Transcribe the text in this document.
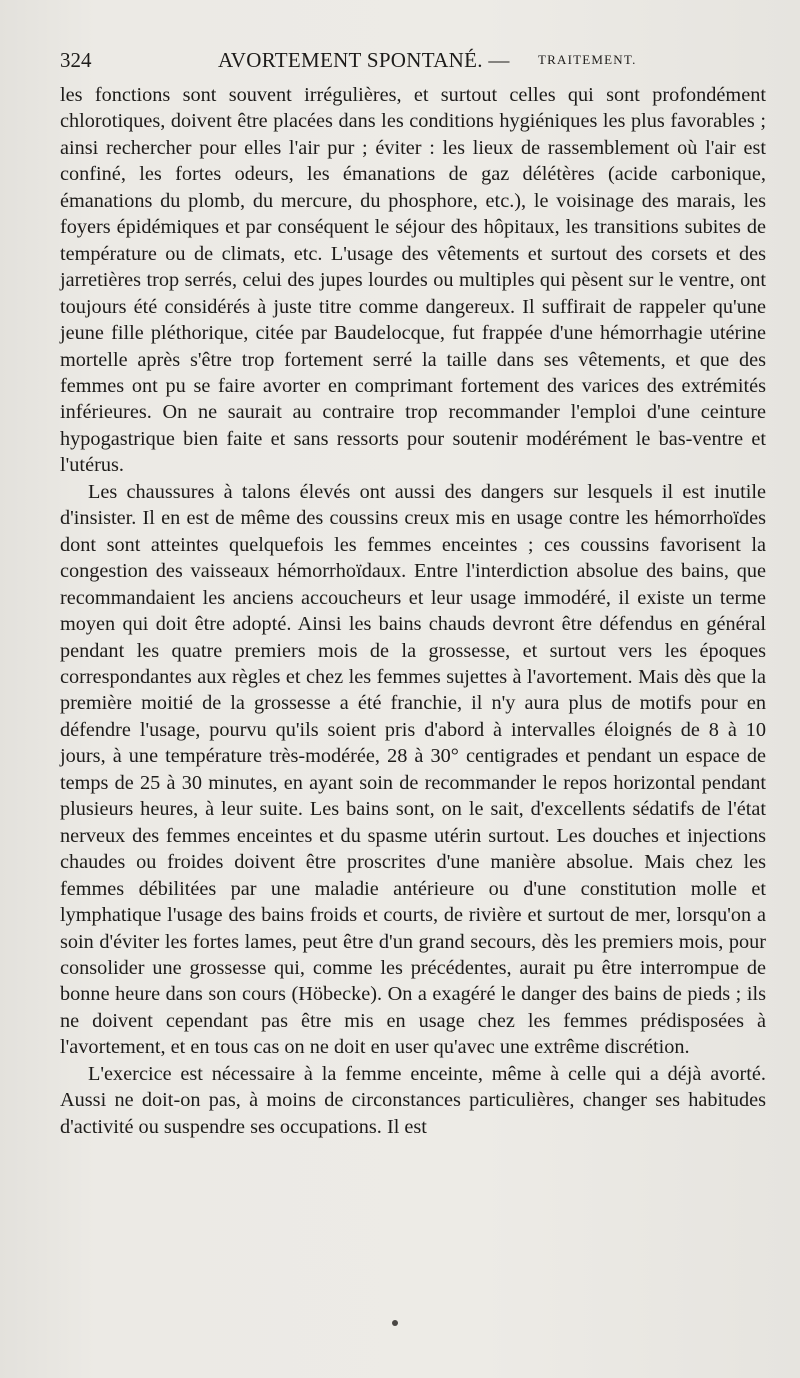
324	AVORTEMENT SPONTANÉ. — TRAITEMENT.

les fonctions sont souvent irrégulières, et surtout celles qui sont profondément chlorotiques, doivent être placées dans les conditions hygiéniques les plus favorables ; ainsi rechercher pour elles l'air pur ; éviter : les lieux de rassemblement où l'air est confiné, les fortes odeurs, les émanations de gaz délétères (acide carbonique, émanations du plomb, du mercure, du phosphore, etc.), le voisinage des marais, les foyers épidémiques et par conséquent le séjour des hôpitaux, les transitions subites de température ou de climats, etc. L'usage des vêtements et surtout des corsets et des jarretières trop serrés, celui des jupes lourdes ou multiples qui pèsent sur le ventre, ont toujours été considérés à juste titre comme dangereux. Il suffirait de rappeler qu'une jeune fille pléthorique, citée par Baudelocque, fut frappée d'une hémorrhagie utérine mortelle après s'être trop fortement serré la taille dans ses vêtements, et que des femmes ont pu se faire avorter en comprimant fortement des varices des extrémités inférieures. On ne saurait au contraire trop recommander l'emploi d'une ceinture hypogastrique bien faite et sans ressorts pour soutenir modérément le bas-ventre et l'utérus.

Les chaussures à talons élevés ont aussi des dangers sur lesquels il est inutile d'insister. Il en est de même des coussins creux mis en usage contre les hémorrhoïdes dont sont atteintes quelquefois les femmes enceintes ; ces coussins favorisent la congestion des vaisseaux hémorrhoïdaux. Entre l'interdiction absolue des bains, que recommandaient les anciens accoucheurs et leur usage immodéré, il existe un terme moyen qui doit être adopté. Ainsi les bains chauds devront être défendus en général pendant les quatre premiers mois de la grossesse, et surtout vers les époques correspondantes aux règles et chez les femmes sujettes à l'avortement. Mais dès que la première moitié de la grossesse a été franchie, il n'y aura plus de motifs pour en défendre l'usage, pourvu qu'ils soient pris d'abord à intervalles éloignés de 8 à 10 jours, à une température très-modérée, 28 à 30° centigrades et pendant un espace de temps de 25 à 30 minutes, en ayant soin de recommander le repos horizontal pendant plusieurs heures, à leur suite. Les bains sont, on le sait, d'excellents sédatifs de l'état nerveux des femmes enceintes et du spasme utérin surtout. Les douches et injections chaudes ou froides doivent être proscrites d'une manière absolue. Mais chez les femmes débilitées par une maladie antérieure ou d'une constitution molle et lymphatique l'usage des bains froids et courts, de rivière et surtout de mer, lorsqu'on a soin d'éviter les fortes lames, peut être d'un grand secours, dès les premiers mois, pour consolider une grossesse qui, comme les précédentes, aurait pu être interrompue de bonne heure dans son cours (Höbecke). On a exagéré le danger des bains de pieds ; ils ne doivent cependant pas être mis en usage chez les femmes prédisposées à l'avortement, et en tous cas on ne doit en user qu'avec une extrême discrétion.

L'exercice est nécessaire à la femme enceinte, même à celle qui a déjà avorté. Aussi ne doit-on pas, à moins de circonstances particulières, changer ses habitudes d'activité ou suspendre ses occupations. Il est
